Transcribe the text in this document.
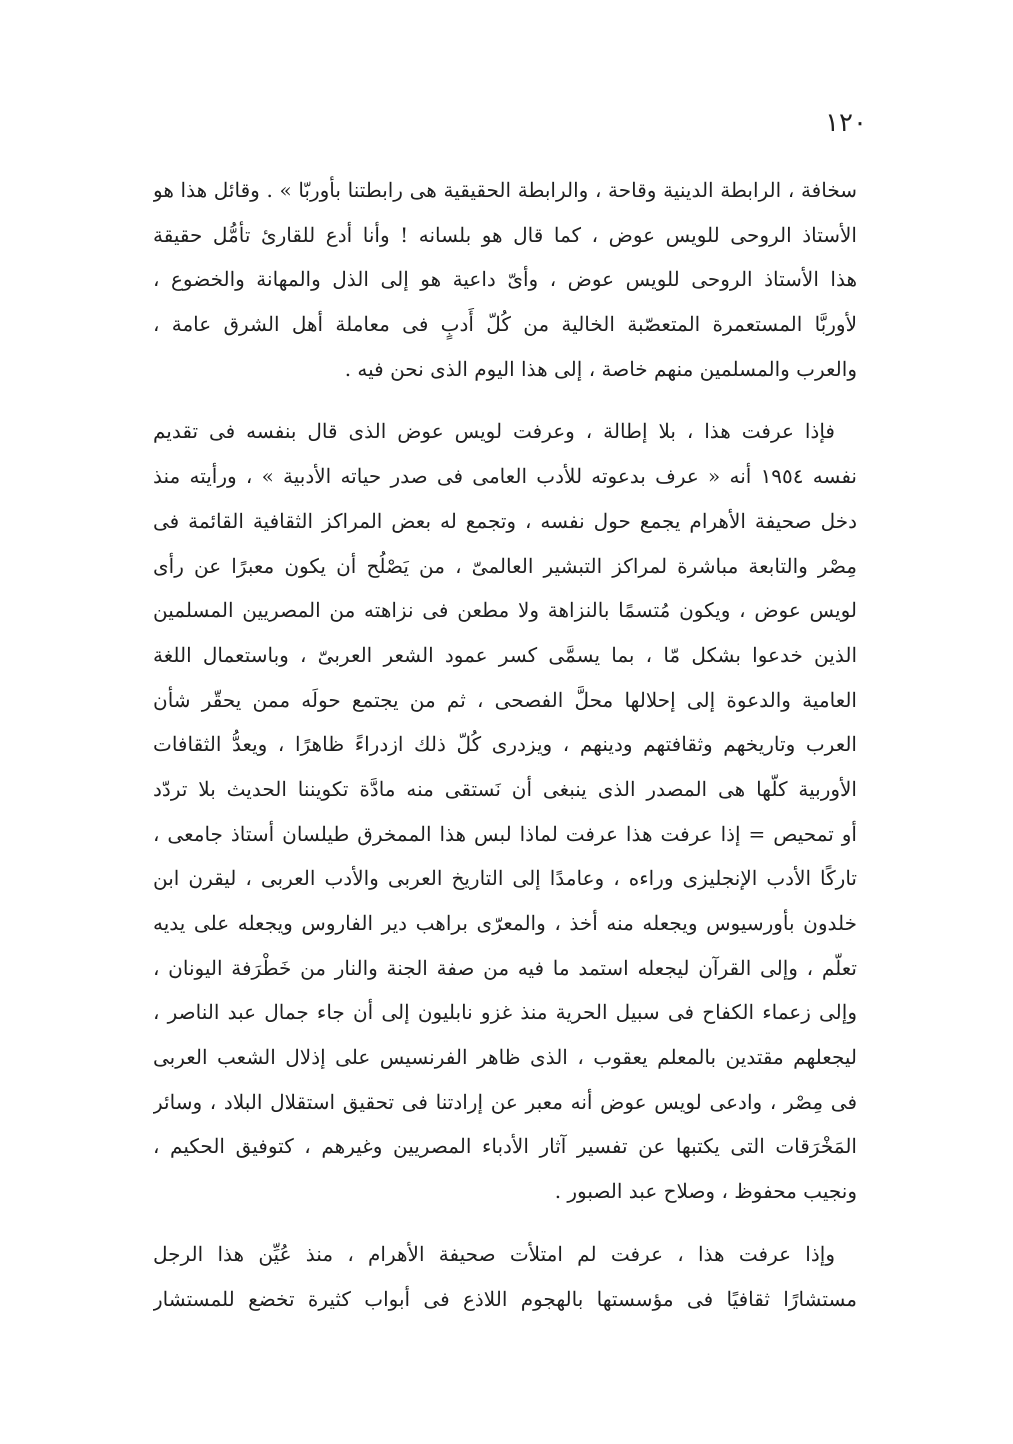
١٢٠
سخافة ، الرابطة الدينية وقاحة ، والرابطة الحقيقية هى رابطتنا بأوربّا » . وقائل هذا هو
الأستاذ الروحى للويس عوض ، كما قال هو بلسانه ! وأنا أدع للقارئ تأمُّل حقيقة
هذا الأستاذ الروحى للويس عوض ، وأىّ داعية هو إلى الذل والمهانة والخضوع ،
لأوربَّا المستعمرة المتعصّبة الخالية من كُلّ أَدبٍ فى معاملة أهل الشرق عامة ،
والعرب والمسلمين منهم خاصة ، إلى هذا اليوم الذى نحن فيه .
فإذا عرفت هذا ، بلا إطالة ، وعرفت لويس عوض الذى قال بنفسه فى تقديم
نفسه ١٩٥٤ أنه « عرف بدعوته للأدب العامى فى صدر حياته الأدبية » ، ورأيته منذ
دخل صحيفة الأهرام يجمع حول نفسه ، وتجمع له بعض المراكز الثقافية القائمة فى
مِصْر والتابعة مباشرة لمراكز التبشير العالمىّ ، من يَصْلُح أن يكون معبرًا عن رأى
لويس عوض ، ويكون مُتسمًا بالنزاهة ولا مطعن فى نزاهته من المصريين المسلمين
الذين خدعوا بشكل مّا ، بما يسمَّى كسر عمود الشعر العربىّ ، وباستعمال اللغة
العامية والدعوة إلى إحلالها محلَّ الفصحى ، ثم من يجتمع حولَه ممن يحقّر شأن
العرب وتاريخهم وثقافتهم ودينهم ، ويزدرى كُلّ ذلك ازدراءً ظاهرًا ، ويعدُّ الثقافات
الأوربية كلّها هى المصدر الذى ينبغى أن نَستقى منه مادَّة تكويننا الحديث بلا تردّد
أو تمحيص = إذا عرفت هذا عرفت لماذا لبس هذا الممخرق طيلسان أستاذ جامعى ،
تاركًا الأدب الإنجليزى وراءه ، وعامدًا إلى التاريخ العربى والأدب العربى ، ليقرن ابن
خلدون بأورسيوس ويجعله منه أخذ ، والمعرّى براهب دير الفاروس ويجعله على يديه
تعلّم ، وإلى القرآن ليجعله استمد ما فيه من صفة الجنة والنار من خَطْرَفة اليونان ،
وإلى زعماء الكفاح فى سبيل الحرية منذ غزو نابليون إلى أن جاء جمال عبد الناصر ،
ليجعلهم مقتدين بالمعلم يعقوب ، الذى ظاهر الفرنسيس على إذلال الشعب العربى
فى مِصْر ، وادعى لويس عوض أنه معبر عن إرادتنا فى تحقيق استقلال البلاد ، وسائر
المَخْرَقات التى يكتبها عن تفسير آثار الأدباء المصريين وغيرهم ، كتوفيق الحكيم ،
ونجيب محفوظ ، وصلاح عبد الصبور .
وإذا عرفت هذا ، عرفت لم امتلأت صحيفة الأهرام ، منذ عُيِّن هذا الرجل
مستشارًا ثقافيًا فى مؤسستها بالهجوم اللاذع فى أبواب كثيرة تخضع للمستشار
